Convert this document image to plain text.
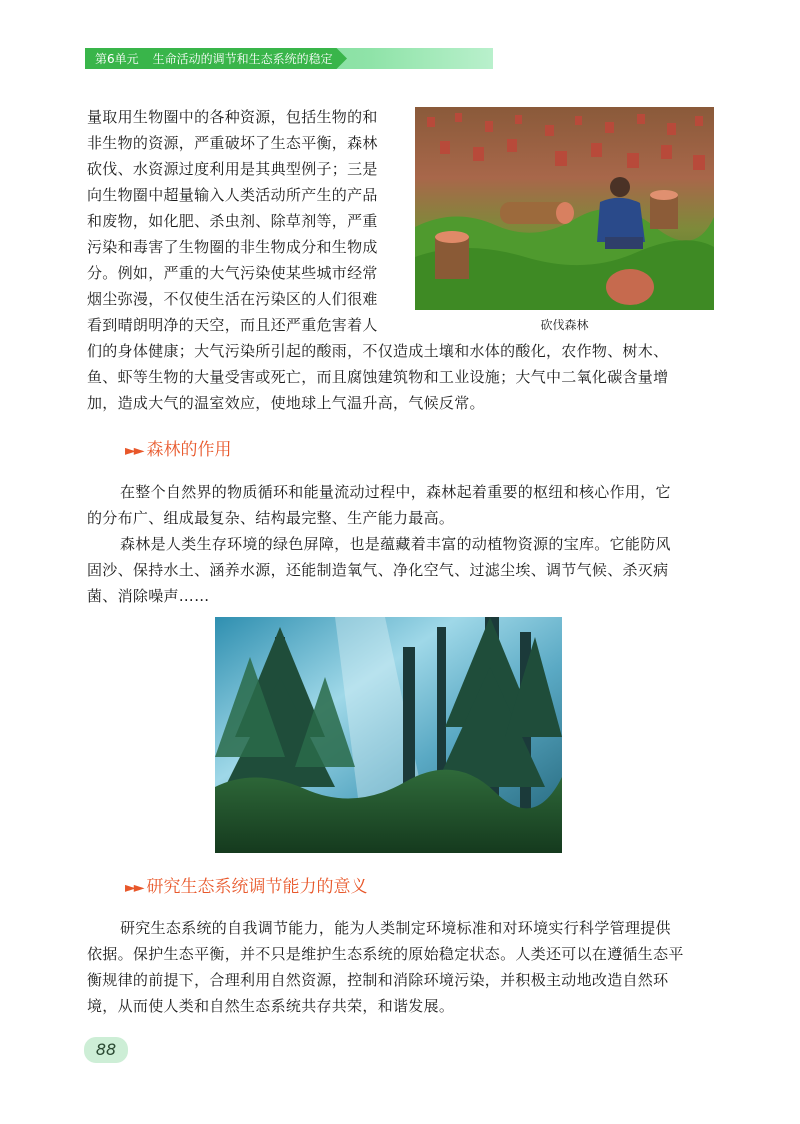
第6单元 生命活动的调节和生态系统的稳定
量取用生物圈中的各种资源，包括生物的和
非生物的资源，严重破坏了生态平衡，森林
砍伐、水资源过度利用是其典型例子；三是
向生物圈中超量输入人类活动所产生的产品
和废物，如化肥、杀虫剂、除草剂等，严重
污染和毒害了生物圈的非生物成分和生物成
分。例如，严重的大气污染使某些城市经常
烟尘弥漫，不仅使生活在污染区的人们很难
看到晴朗明净的天空，而且还严重危害着人
们的身体健康；大气污染所引起的酸雨，不仅造成土壤和水体的酸化，农作物、树木、
鱼、虾等生物的大量受害或死亡，而且腐蚀建筑物和工业设施；大气中二氧化碳含量增
加，造成大气的温室效应，使地球上气温升高，气候反常。
砍伐森林
►► 森林的作用
在整个自然界的物质循环和能量流动过程中，森林起着重要的枢纽和核心作用，它
的分布广、组成最复杂、结构最完整、生产能力最高。
森林是人类生存环境的绿色屏障，也是蕴藏着丰富的动植物资源的宝库。它能防风
固沙、保持水土、涵养水源，还能制造氧气、净化空气、过滤尘埃、调节气候、杀灭病
菌、消除噪声……
►► 研究生态系统调节能力的意义
研究生态系统的自我调节能力，能为人类制定环境标准和对环境实行科学管理提供
依据。保护生态平衡，并不只是维护生态系统的原始稳定状态。人类还可以在遵循生态平
衡规律的前提下，合理利用自然资源，控制和消除环境污染，并积极主动地改造自然环
境，从而使人类和自然生态系统共存共荣，和谐发展。
88
